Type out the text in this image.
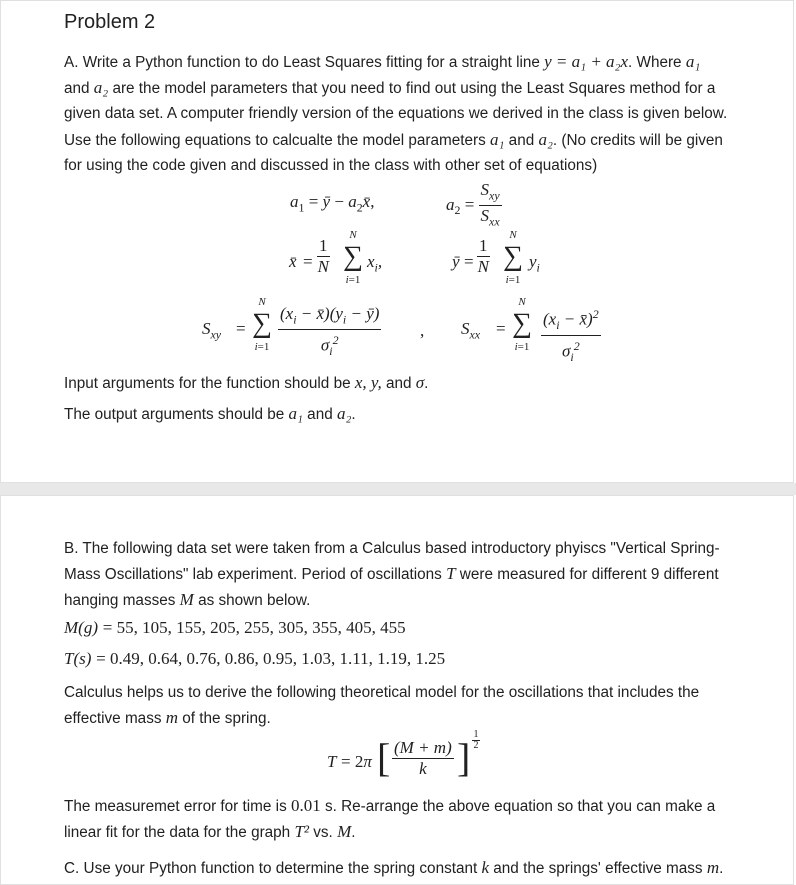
Problem 2
A. Write a Python function to do Least Squares fitting for a straight line y = a₁ + a₂x. Where a₁
and a₂ are the model parameters that you need to find out using the Least Squares method for a
given data set. A computer friendly version of the equations we derived in the class is given below.
Use the following equations to calcualte the model parameters a₁ and a₂. (No credits will be given
for using the code given and discussed in the class with other set of equations)
$a_1$ = ȳ − $a_2x̄$,	$a_2 = \frac{S_{xy}}{S_{xx}}$
x̄ = $\frac{1}{N}$
N
∑
i=1
$x_i$,	ȳ = $\frac{1}{N}$
N
∑
i=1
$y_i$
$S_{xy}$ =
N
∑
$i=1 \frac{(x_i - x̄)(y_i - ȳ)}{\sigma_i^2}$ , $S_{xx}$ =
N
∑
$i=1 \frac{(x_i - x̄)^2}{\sigma_i^2}$
Input arguments for the function should be x, y, and σ.
The output arguments should be a₁ and a₂.
B. The following data set were taken from a Calculus based introductory phyiscs "Vertical Spring-
Mass Oscillations" lab experiment. Period of oscillations T were measured for different 9 different
hanging masses M as shown below.
M(g) = 55, 105, 155, 205, 255, 305, 355, 405, 455
T(s) = 0.49, 0.64, 0.76, 0.86, 0.95, 1.03, 1.11, 1.19, 1.25
Calculus helps us to derive the following theoretical model for the oscillations that includes the
effective mass m of the spring.
T = 2π [ $\frac{(M + m)}{k}$ ]
1
2
The measuremet error for time is 0.01 s. Re-arrange the above equation so that you can make a
linear fit for the data for the graph T² vs. M.
C. Use your Python function to determine the spring constant k and the springs' effective mass m.
